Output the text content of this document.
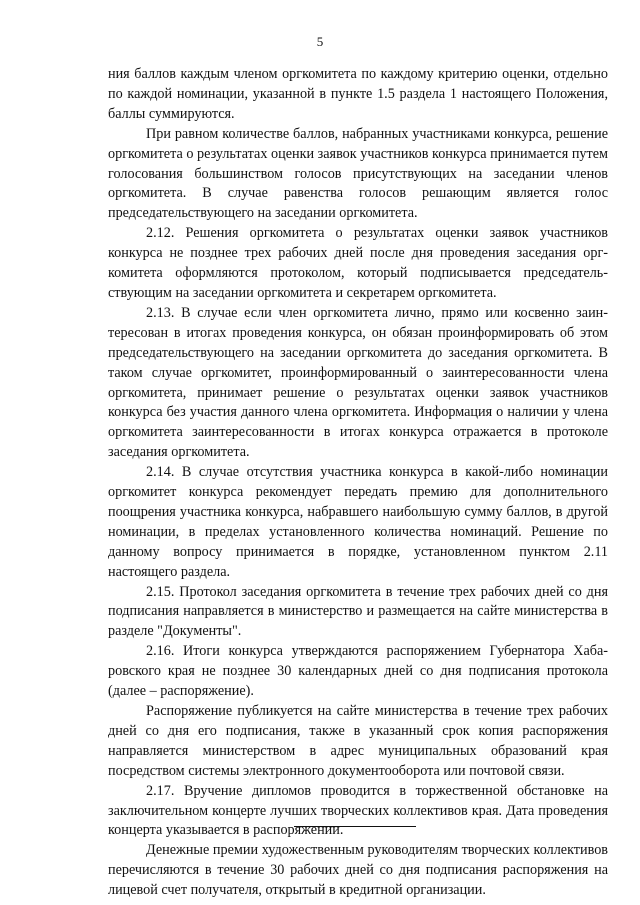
5

ния баллов каждым членом оргкомитета по каждому критерию оценки, отдельно по каждой номинации, указанной в пункте 1.5 раздела 1 настоящего Положения, баллы суммируются.

При равном количестве баллов, набранных участниками конкурса, решение оргкомитета о результатах оценки заявок участников конкурса принимается путем голосования большинством голосов присутствующих на заседании членов оргкомитета. В случае равенства голосов решающим является голос председательствующего на заседании оргкомитета.

2.12. Решения оргкомитета о результатах оценки заявок участников конкурса не позднее трех рабочих дней после дня проведения заседания оргкомитета оформляются протоколом, который подписывается председательствующим на заседании оргкомитета и секретарем оргкомитета.

2.13. В случае если член оргкомитета лично, прямо или косвенно заинтересован в итогах проведения конкурса, он обязан проинформировать об этом председательствующего на заседании оргкомитета до заседания оргкомитета. В таком случае оргкомитет, проинформированный о заинтересованности члена оргкомитета, принимает решение о результатах оценки заявок участников конкурса без участия данного члена оргкомитета. Информация о наличии у члена оргкомитета заинтересованности в итогах конкурса отражается в протоколе заседания оргкомитета.

2.14. В случае отсутствия участника конкурса в какой-либо номинации оргкомитет конкурса рекомендует передать премию для дополнительного поощрения участника конкурса, набравшего наибольшую сумму баллов, в другой номинации, в пределах установленного количества номинаций. Решение по данному вопросу принимается в порядке, установленном пунктом 2.11 настоящего раздела.

2.15. Протокол заседания оргкомитета в течение трех рабочих дней со дня подписания направляется в министерство и размещается на сайте министерства в разделе "Документы".

2.16. Итоги конкурса утверждаются распоряжением Губернатора Хабаровского края не позднее 30 календарных дней со дня подписания протокола (далее – распоряжение).

Распоряжение публикуется на сайте министерства в течение трех рабочих дней со дня его подписания, также в указанный срок копия распоряжения направляется министерством в адрес муниципальных образований края посредством системы электронного документооборота или почтовой связи.

2.17. Вручение дипломов проводится в торжественной обстановке на заключительном концерте лучших творческих коллективов края. Дата проведения концерта указывается в распоряжении.

Денежные премии художественным руководителям творческих коллективов перечисляются в течение 30 рабочих дней со дня подписания распоряжения на лицевой счет получателя, открытый в кредитной организации.
